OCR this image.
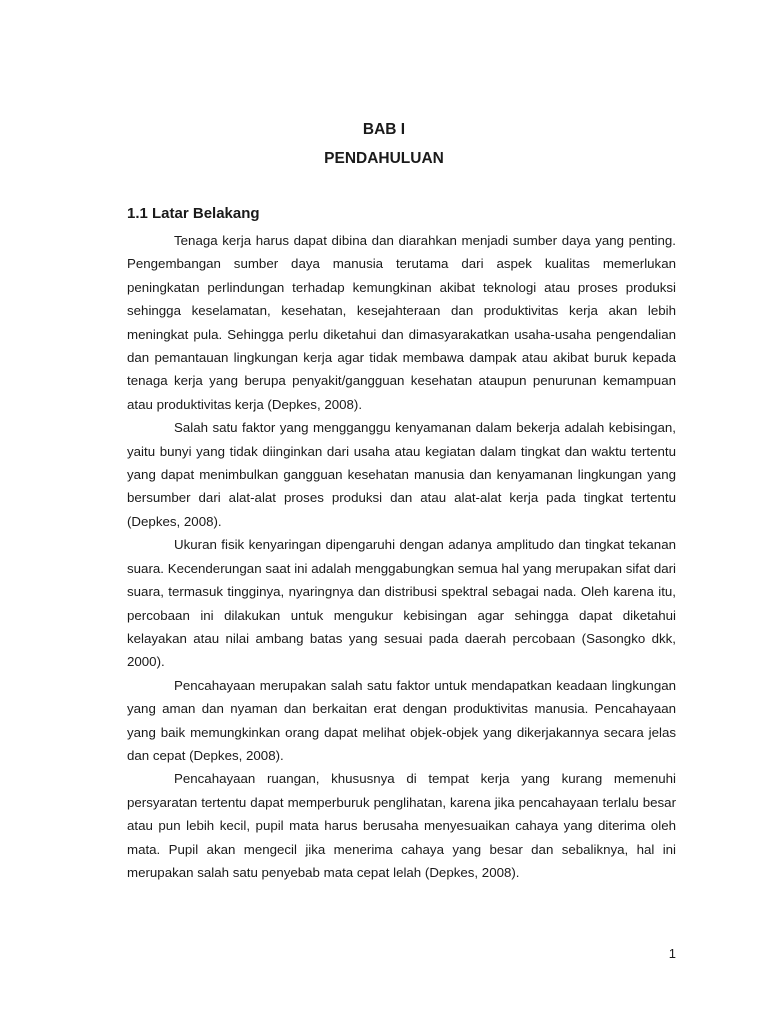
BAB I
PENDAHULUAN
1.1 Latar Belakang

Tenaga kerja harus dapat dibina dan diarahkan menjadi sumber daya yang penting. Pengembangan sumber daya manusia terutama dari aspek kualitas memerlukan peningkatan perlindungan terhadap kemungkinan akibat teknologi atau proses produksi sehingga keselamatan, kesehatan, kesejahteraan dan produktivitas kerja akan lebih meningkat pula. Sehingga perlu diketahui dan dimasyarakatkan usaha-usaha pengendalian dan pemantauan lingkungan kerja agar tidak membawa dampak atau akibat buruk kepada tenaga kerja yang berupa penyakit/gangguan kesehatan ataupun penurunan kemampuan atau produktivitas kerja (Depkes, 2008).

Salah satu faktor yang mengganggu kenyamanan dalam bekerja adalah kebisingan, yaitu bunyi yang tidak diinginkan dari usaha atau kegiatan dalam tingkat dan waktu tertentu yang dapat menimbulkan gangguan kesehatan manusia dan kenyamanan lingkungan yang bersumber dari alat-alat proses produksi dan atau alat-alat kerja pada tingkat tertentu (Depkes, 2008).

Ukuran fisik kenyaringan dipengaruhi dengan adanya amplitudo dan tingkat tekanan suara. Kecenderungan saat ini adalah menggabungkan semua hal yang merupakan sifat dari suara, termasuk tingginya, nyaringnya dan distribusi spektral sebagai nada. Oleh karena itu, percobaan ini dilakukan untuk mengukur kebisingan agar sehingga dapat diketahui kelayakan atau nilai ambang batas yang sesuai pada daerah percobaan (Sasongko dkk, 2000).

Pencahayaan merupakan salah satu faktor untuk mendapatkan keadaan lingkungan yang aman dan nyaman dan berkaitan erat dengan produktivitas manusia. Pencahayaan yang baik memungkinkan orang dapat melihat objek-objek yang dikerjakannya secara jelas dan cepat (Depkes, 2008).

Pencahayaan ruangan, khususnya di tempat kerja yang kurang memenuhi persyaratan tertentu dapat memperburuk penglihatan, karena jika pencahayaan terlalu besar atau pun lebih kecil, pupil mata harus berusaha menyesuaikan cahaya yang diterima oleh mata. Pupil akan mengecil jika menerima cahaya yang besar dan sebaliknya, hal ini merupakan salah satu penyebab mata cepat lelah (Depkes, 2008).

1
